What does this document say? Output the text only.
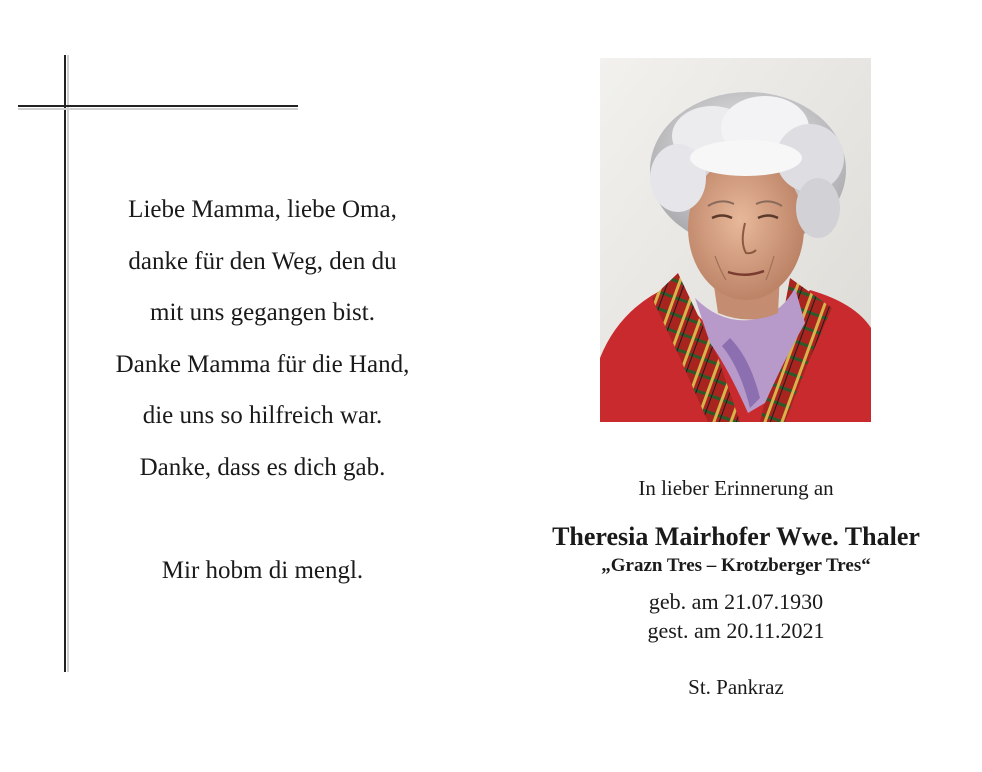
Liebe Mamma, liebe Oma,
danke für den Weg, den du
mit uns gegangen bist.
Danke Mamma für die Hand,
die uns so hilfreich war.
Danke, dass es dich gab.
Mir hobm di mengl.
In lieber Erinnerung an
Theresia Mairhofer Wwe. Thaler
„Grazn Tres – Krotzberger Tres“
geb. am 21.07.1930
gest. am 20.11.2021
St. Pankraz
